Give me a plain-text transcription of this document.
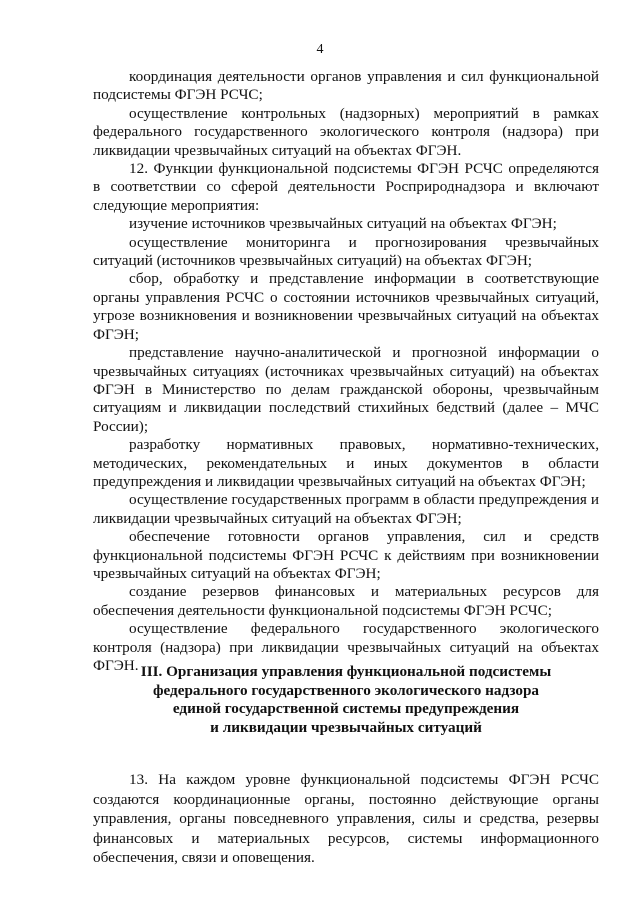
4

координация деятельности органов управления и сил функциональной подсистемы ФГЭН РСЧС;

осуществление контрольных (надзорных) мероприятий в рамках федерального государственного экологического контроля (надзора) при ликвидации чрезвычайных ситуаций на объектах ФГЭН.

12. Функции функциональной подсистемы ФГЭН РСЧС определяются в соответствии со сферой деятельности Росприроднадзора и включают следующие мероприятия:

изучение источников чрезвычайных ситуаций на объектах ФГЭН;

осуществление мониторинга и прогнозирования чрезвычайных ситуаций (источников чрезвычайных ситуаций) на объектах ФГЭН;

сбор, обработку и представление информации в соответствующие органы управления РСЧС о состоянии источников чрезвычайных ситуаций, угрозе возникновения и возникновении чрезвычайных ситуаций на объектах ФГЭН;

представление научно-аналитической и прогнозной информации о чрезвычайных ситуациях (источниках чрезвычайных ситуаций) на объектах ФГЭН в Министерство по делам гражданской обороны, чрезвычайным ситуациям и ликвидации последствий стихийных бедствий (далее – МЧС России);

разработку нормативных правовых, нормативно-технических, методических, рекомендательных и иных документов в области предупреждения и ликвидации чрезвычайных ситуаций на объектах ФГЭН;

осуществление государственных программ в области предупреждения и ликвидации чрезвычайных ситуаций на объектах ФГЭН;

обеспечение готовности органов управления, сил и средств функциональной подсистемы ФГЭН РСЧС к действиям при возникновении чрезвычайных ситуаций на объектах ФГЭН;

создание резервов финансовых и материальных ресурсов для обеспечения деятельности функциональной подсистемы ФГЭН РСЧС;

осуществление федерального государственного экологического контроля (надзора) при ликвидации чрезвычайных ситуаций на объектах ФГЭН. III. Организация управления функциональной подсистемы
федерального государственного экологического надзора
единой государственной системы предупреждения
и ликвидации чрезвычайных ситуаций

13. На каждом уровне функциональной подсистемы ФГЭН РСЧС создаются координационные органы, постоянно действующие органы управления, органы повседневного управления, силы и средства, резервы финансовых и материальных ресурсов, системы информационного обеспечения, связи и оповещения.
